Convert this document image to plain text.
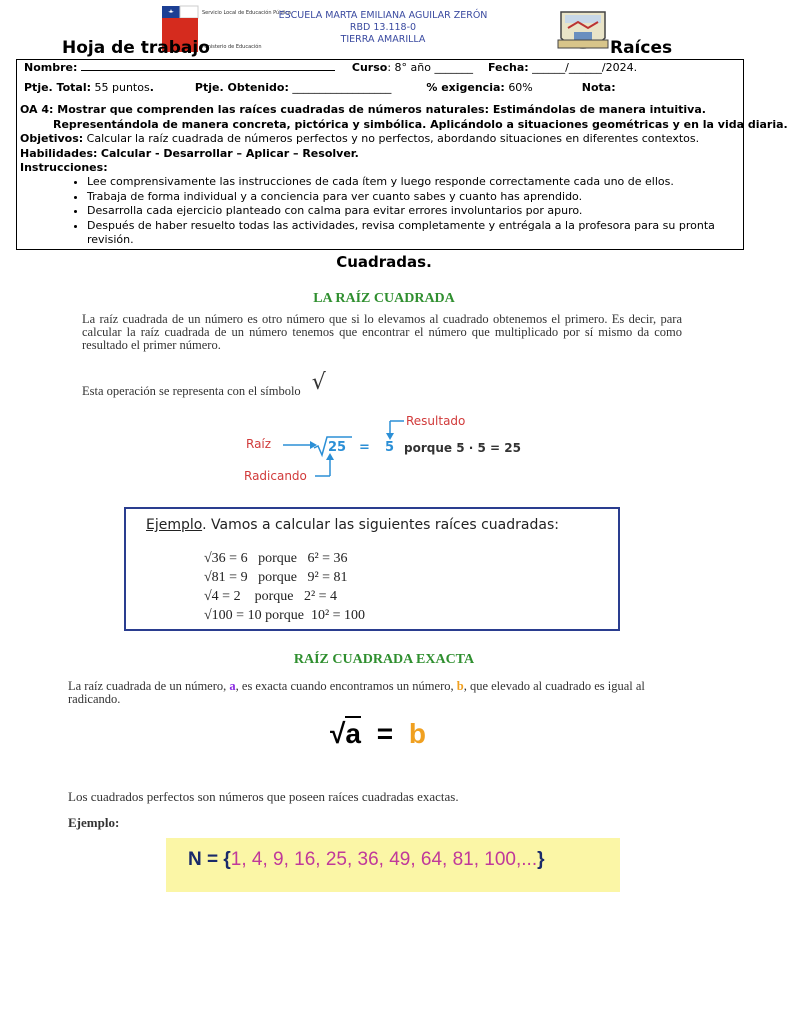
Servicio Local de Educación Pública
Ministerio de Educación
ESCUELA MARTA EMILIANA AGUILAR ZERÓN
RBD 13.118-0
TIERRA AMARILLA
Hoja de trabajo	Raíces
Nombre:	Curso: 8° año _______ Fecha: ______/______/2024.
Ptje. Total: 55 puntos.	Ptje. Obtenido: __________________	% exigencia: 60%	Nota:
OA 4: Mostrar que comprenden las raíces cuadradas de números naturales: Estimándolas de manera intuitiva.
Representándola de manera concreta, pictórica y simbólica. Aplicándolo a situaciones geométricas y en la vida diaria.
Objetivos: Calcular la raíz cuadrada de números perfectos y no perfectos, abordando situaciones en diferentes contextos.
Habilidades: Calcular - Desarrollar – Aplicar – Resolver.
Instrucciones:
• Lee comprensivamente las instrucciones de cada ítem y luego responde correctamente cada uno de ellos.
• Trabaja de forma individual y a conciencia para ver cuanto sabes y cuanto has aprendido.
• Desarrolla cada ejercicio planteado con calma para evitar errores involuntarios por apuro.
• Después de haber resuelto todas las actividades, revisa completamente y entrégala a la profesora para su pronta revisión.
Cuadradas.
LA RAÍZ CUADRADA
La raíz cuadrada de un número es otro número que si lo elevamos al cuadrado obtenemos el primero. Es decir, para calcular la raíz cuadrada de un número tenemos que encontrar el número que multiplicado por sí mismo da como resultado el primer número.
Esta operación se representa con el símbolo √
Raíz
Radicando
Resultado
25 = 5 porque 5 · 5 = 25
Ejemplo. Vamos a calcular las siguientes raíces cuadradas:
√36 = 6   porque   6² = 36
√81 = 9   porque   9² = 81
√4 = 2    porque   2² = 4
√100 = 10 porque  10² = 100
RAÍZ CUADRADA EXACTA
La raíz cuadrada de un número, a, es exacta cuando encontramos un número, b, que elevado al cuadrado es igual al radicando.
√a = b
Los cuadrados perfectos son números que poseen raíces cuadradas exactas.
Ejemplo:
N = {1, 4, 9, 16, 25, 36, 49, 64, 81, 100,...}
